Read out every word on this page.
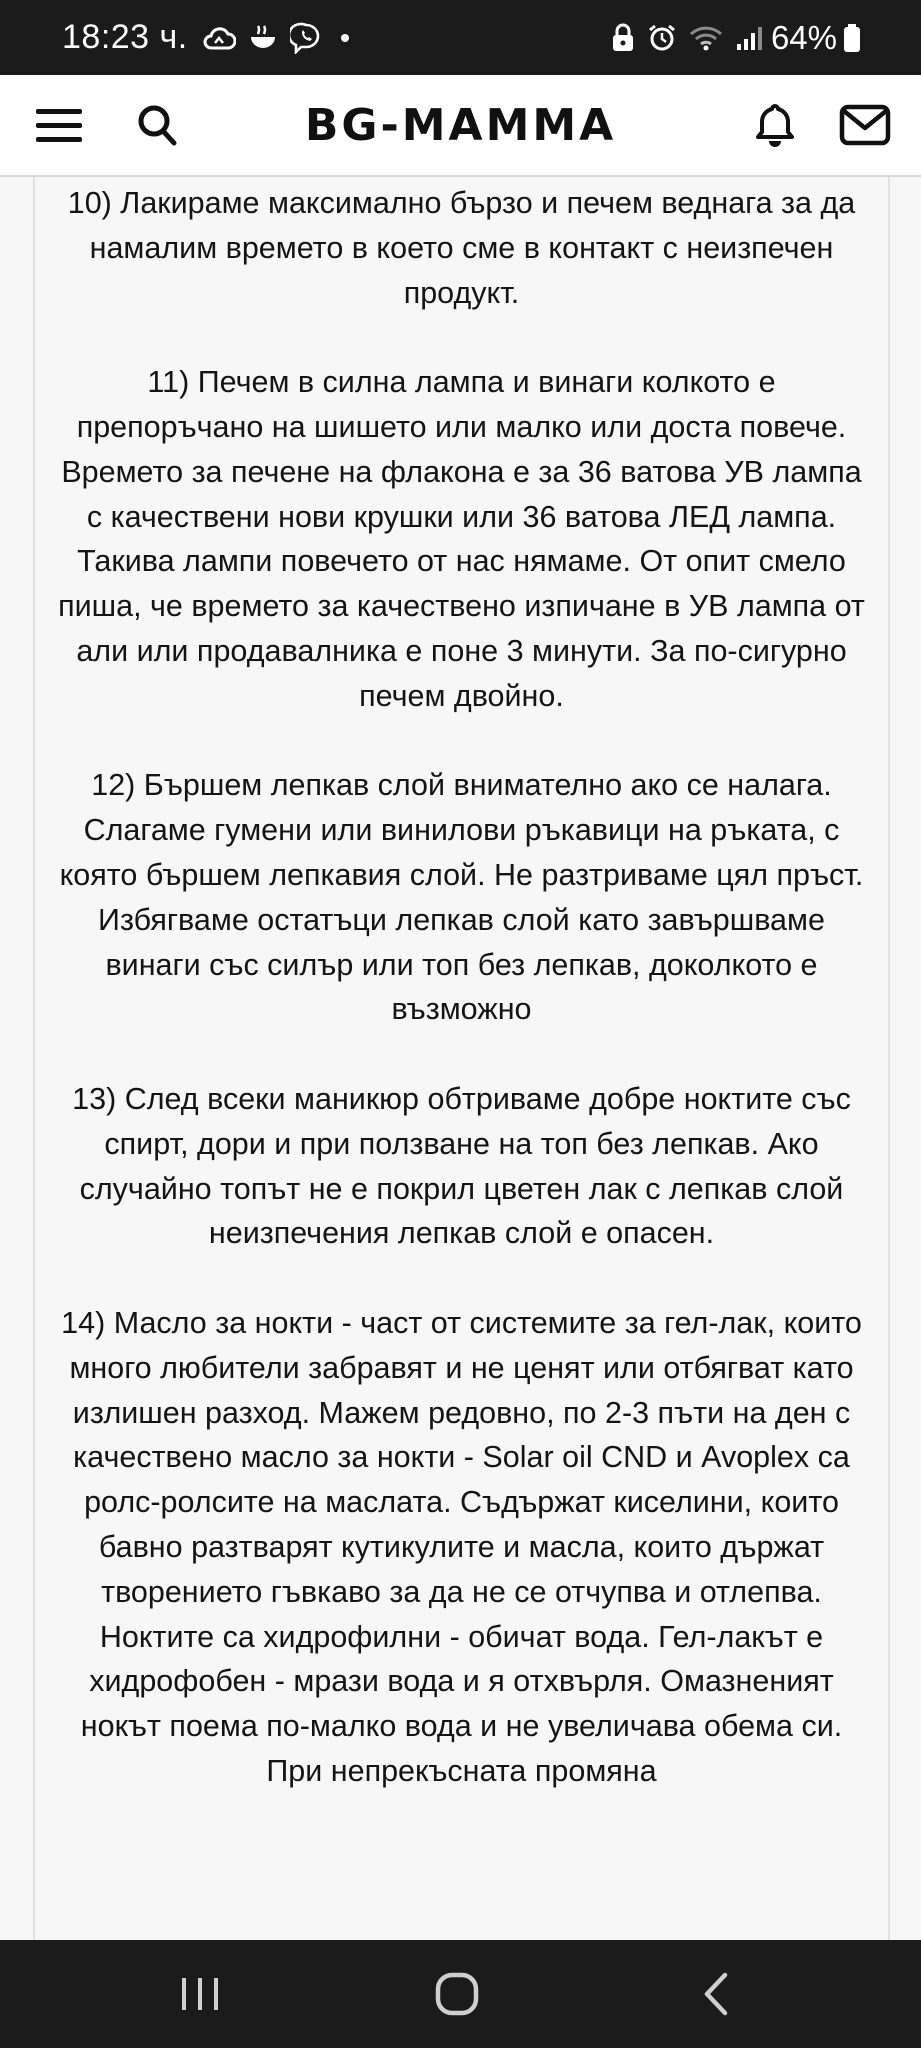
18:23 ч.	64%
BG-MAMMA

10) Лакираме максимално бързо и печем веднага за да намалим времето в което сме в контакт с неизпечен продукт.

11) Печем в силна лампа и винаги колкото е препоръчано на шишето или малко или доста повече. Времето за печене на флакона е за 36 ватова УВ лампа с качествени нови крушки или 36 ватова ЛЕД лампа. Такива лампи повечето от нас нямаме. От опит смело пиша, че времето за качествено изпичане в УВ лампа от али или продавалника е поне 3 минути. За по-сигурно печем двойно.

12) Бършем лепкав слой внимателно ако се налага. Слагаме гумени или винилови ръкавици на ръката, с която бършем лепкавия слой. Не разтриваме цял пръст. Избягваме остатъци лепкав слой като завършваме винаги със силър или топ без лепкав, доколкото е възможно

13) След всеки маникюр обтриваме добре ноктите със спирт, дори и при ползване на топ без лепкав. Ако случайно топът не е покрил цветен лак с лепкав слой неизпечения лепкав слой е опасен.

14) Масло за нокти - част от системите за гел-лак, които много любители забравят и не ценят или отбягват като излишен разход. Мажем редовно, по 2-3 пъти на ден с качествено масло за нокти - Solar oil CND и Avoplex са ролс-ролсите на маслата. Съдържат киселини, които бавно разтварят кутикулите и масла, които държат творението гъвкаво за да не се отчупва и отлепва. Ноктите са хидрофилни - обичат вода. Гел-лакът е хидрофобен - мрази вода и я отхвърля. Омазненият нокът поема по-малко вода и не увеличава обема си. При непрекъсната промяна
